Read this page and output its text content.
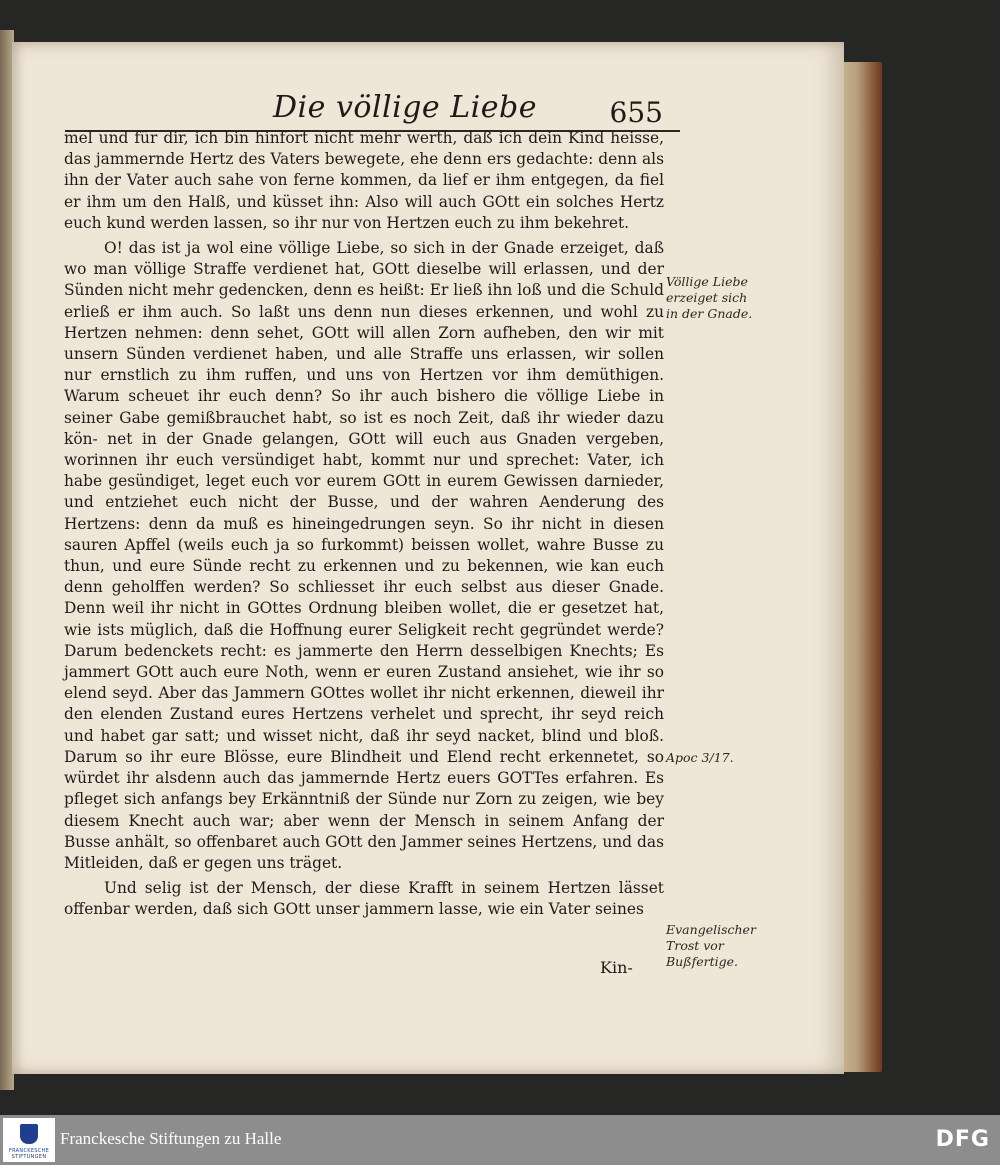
Die völlige Liebe	655

mel und für dir, ich bin hinfort nicht mehr werth, daß ich dein Kind heisse, das jammernde Hertz des Vaters bewegete, ehe denn ers gedachte: denn als ihn der Vater auch sahe von ferne kommen, da lief er ihm entgegen, da fiel er ihm um den Halß, und küsset ihn: Also will auch GOtt ein solches Hertz euch kund werden lassen, so ihr nur von Hertzen euch zu ihm bekehret.

O! das ist ja wol eine völlige Liebe, so sich in der Gnade erzeiget, daß wo man völlige Straffe verdienet hat, GOtt dieselbe will erlassen, und der Sünden nicht mehr gedencken, denn es heißt: Er ließ ihn loß und die Schuld erließ er ihm auch. So laßt uns denn nun dieses erkennen, und wohl zu Hertzen nehmen: denn sehet, GOtt will allen Zorn aufheben, den wir mit unsern Sünden verdienet haben, und alle Straffe uns erlassen, wir sollen nur ernstlich zu ihm ruffen, und uns von Hertzen vor ihm demüthigen. Warum scheuet ihr euch denn? So ihr auch bishero die völlige Liebe in seiner Gabe gemißbrauchet habt, so ist es noch Zeit, daß ihr wieder dazu kön- net in der Gnade gelangen, GOtt will euch aus Gnaden vergeben, worinnen ihr euch versündiget habt, kommt nur und sprechet: Vater, ich habe gesündiget, leget euch vor eurem GOtt in eurem Gewissen darnieder, und entziehet euch nicht der Busse, und der wahren Aenderung des Hertzens: denn da muß es hineingedrungen seyn. So ihr nicht in diesen sauren Apffel (weils euch ja so furkommt) beissen wollet, wahre Busse zu thun, und eure Sünde recht zu erkennen und zu bekennen, wie kan euch denn geholffen werden? So schliesset ihr euch selbst aus dieser Gnade. Denn weil ihr nicht in GOttes Ordnung bleiben wollet, die er gesetzet hat, wie ists müglich, daß die Hoffnung eurer Seligkeit recht gegründet werde? Darum bedenckets recht: es jammerte den Herrn desselbigen Knechts; Es jammert GOtt auch eure Noth, wenn er euren Zustand ansiehet, wie ihr so elend seyd. Aber das Jammern GOttes wollet ihr nicht erkennen, dieweil ihr den elenden Zustand eures Hertzens verhelet und sprecht, ihr seyd reich und habet gar satt; und wisset nicht, daß ihr seyd nacket, blind und bloß. Darum so ihr eure Blösse, eure Blindheit und Elend recht erkennetet, so würdet ihr alsdenn auch das jammernde Hertz euers GOTTes erfahren. Es pfleget sich anfangs bey Erkänntniß der Sünde nur Zorn zu zeigen, wie bey diesem Knecht auch war; aber wenn der Mensch in seinem Anfang der Busse anhält, so offenbaret auch GOtt den Jammer seines Hertzens, und das Mitleiden, daß er gegen uns träget.

Und selig ist der Mensch, der diese Krafft in seinem Hertzen lässet offenbar werden, daß sich GOtt unser jammern lasse, wie ein Vater seines

Kin-
Völlige Liebe erzeiget sich in der Gnade.
Apoc 3/17.
Evangelischer Trost vor Bußfertige.
FRANCKESCHE STIFTUNGEN
Franckesche Stiftungen zu Halle	DFG
